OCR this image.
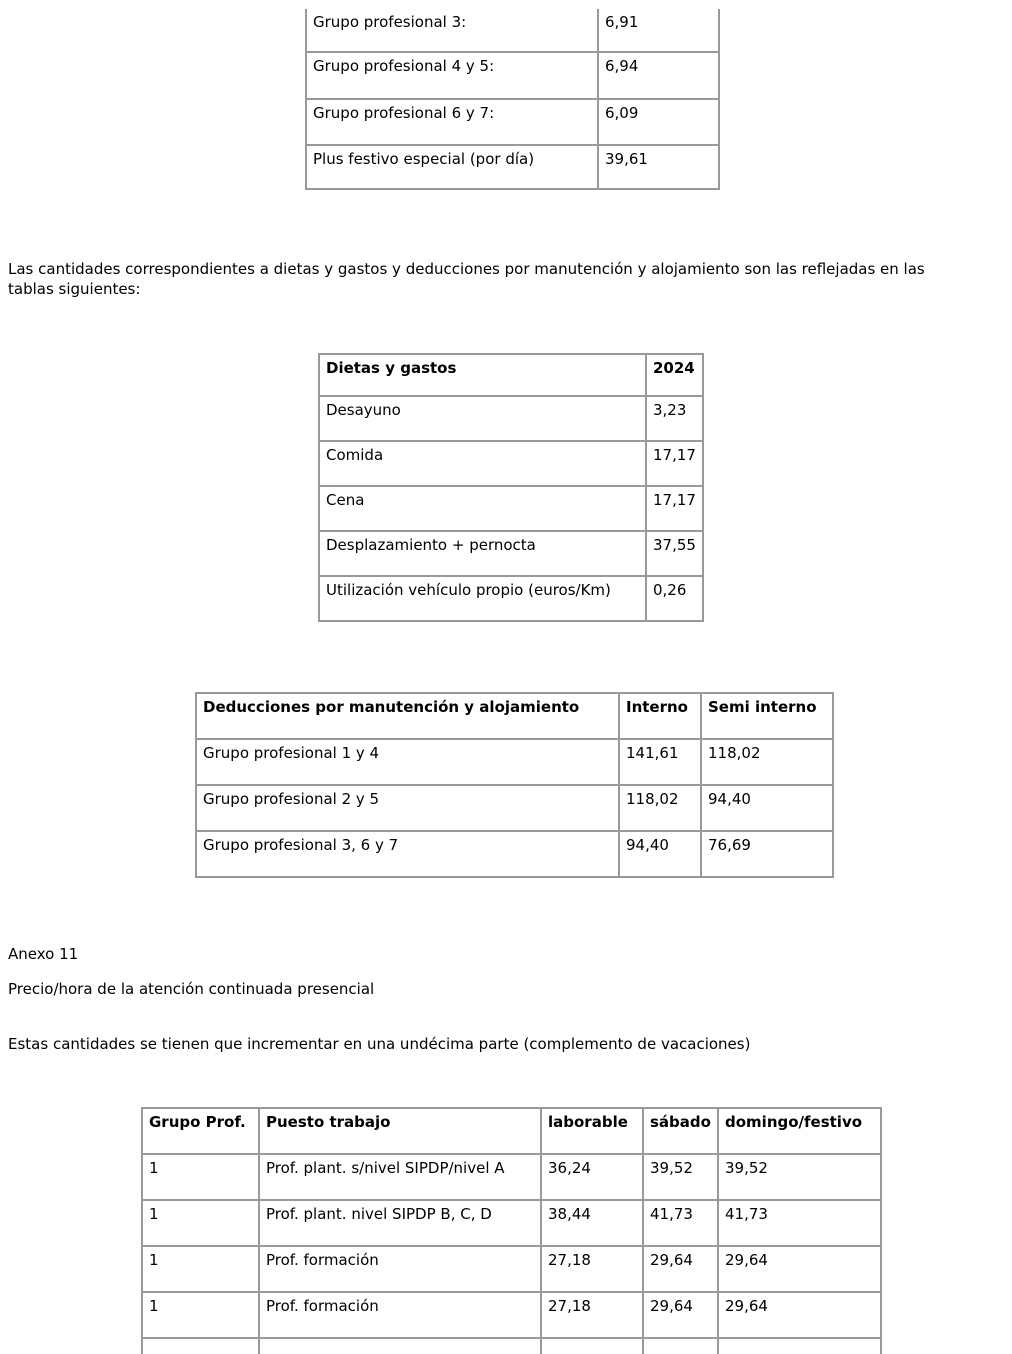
Grupo profesional 3:	6,91
Grupo profesional 4 y 5:	6,94
Grupo profesional 6 y 7:	6,09
Plus festivo especial (por día)	39,61

Las cantidades correspondientes a dietas y gastos y deducciones por manutención y alojamiento son las reflejadas en las tablas siguientes:

Dietas y gastos	2024
Desayuno	3,23
Comida	17,17
Cena	17,17
Desplazamiento + pernocta	37,55
Utilización vehículo propio (euros/Km)	0,26
Deducciones por manutención y alojamiento	Interno	Semi interno
Grupo profesional 1 y 4	141,61	118,02
Grupo profesional 2 y 5	118,02	94,40
Grupo profesional 3, 6 y 7	94,40	76,69

Anexo 11

Precio/hora de la atención continuada presencial

Estas cantidades se tienen que incrementar en una undécima parte (complemento de vacaciones)

Grupo Prof.	Puesto trabajo	laborable	sábado	domingo/festivo
1	Prof. plant. s/nivel SIPDP/nivel A	36,24	39,52	39,52
1	Prof. plant. nivel SIPDP B, C, D	38,44	41,73	41,73
1	Prof. formación	27,18	29,64	29,64
1	Prof. formación	27,18	29,64	29,64
